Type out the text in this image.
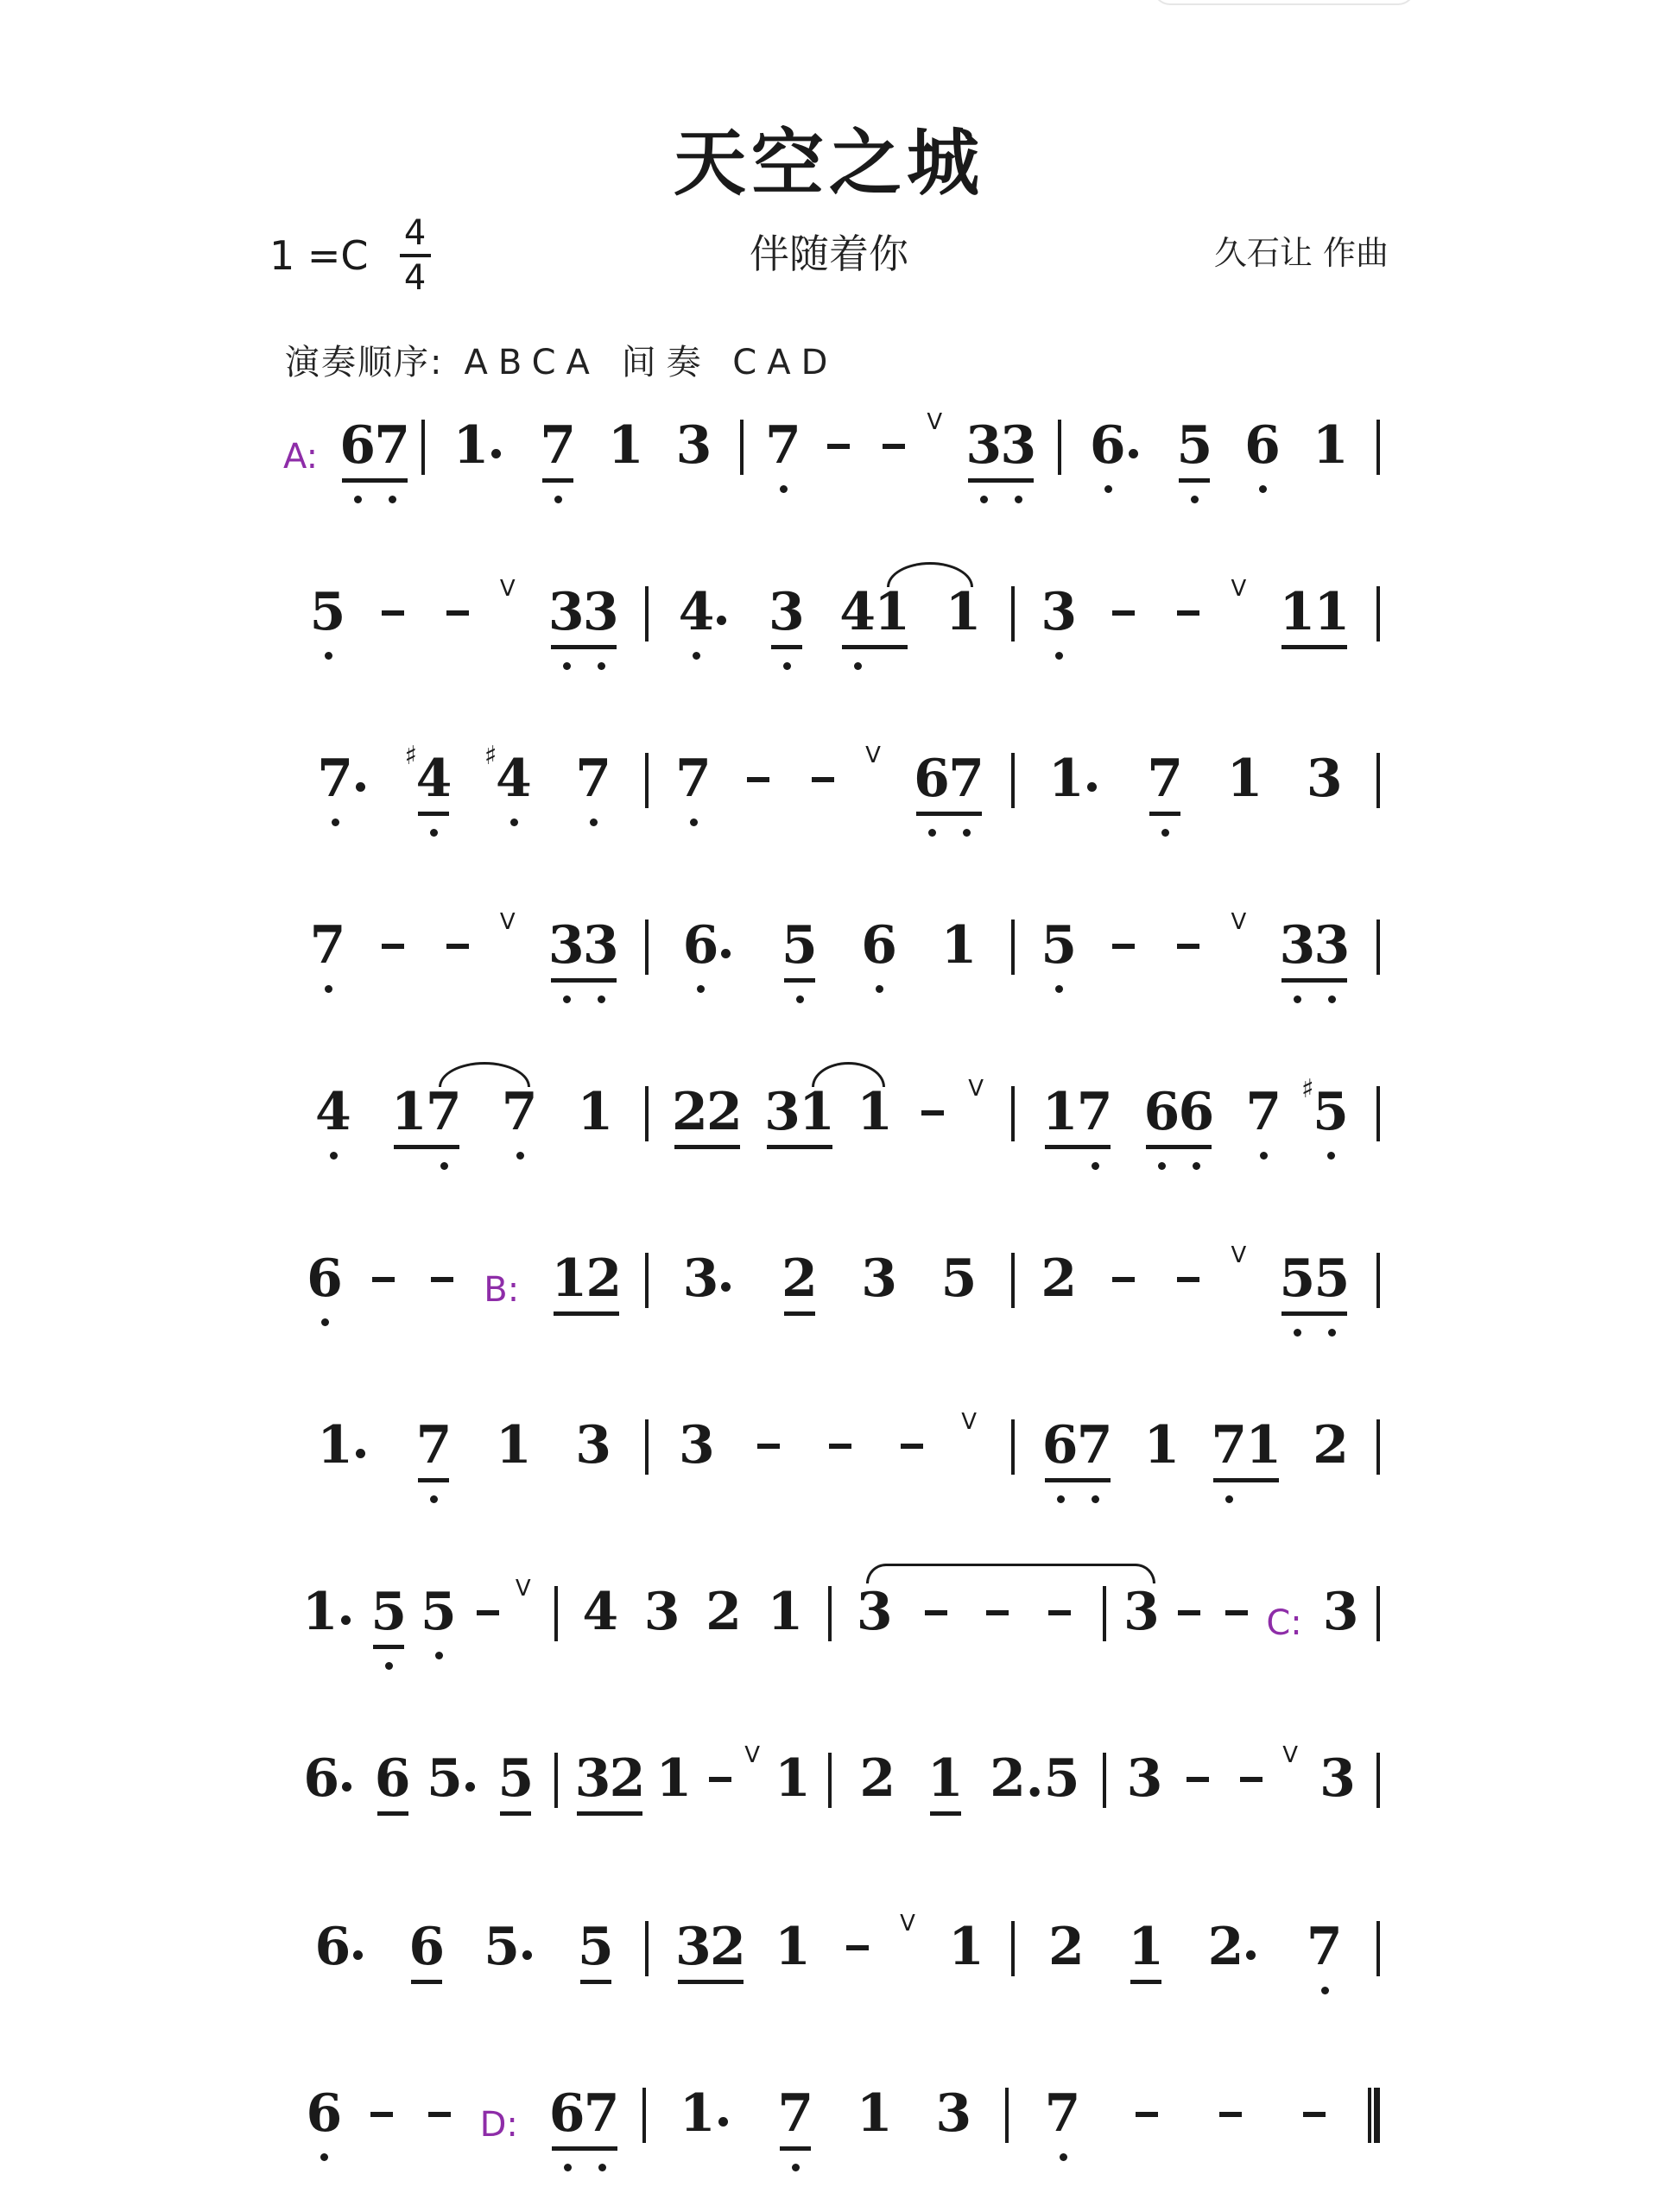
天空之城
1 =C 4
4
伴随着你	久石让 作曲
演奏顺序: ABCA 间奏 CAD
A: 6
7 1 7 1 3 7	V 3
3 6 5 6 1
5	V 3
3 4 3 4
1 1 3	V 1
1
7 ♯
4 ♯
4 7 7	V 6
7 1 7 1 3
7	V 3
3 6 5 6 1 5	V 3
3
4 1
7 7 1 2
2 3
1 1	V 1
7 6
6 7 ♯
5
6	B: 1
2 3 2 3 5 2	V 5
5
1 7 1 3 3	V 6
7 1 7
1 2
1 5 5	V 4 3 2 1 3	3	C: 3
6 6 5 5 3
2 1 V 1 2 1 2.5 3	V 3
6 6 5 5 3
2 1	V 1 2 1 2 7
6	D: 6
7 1 7 1 3 7
